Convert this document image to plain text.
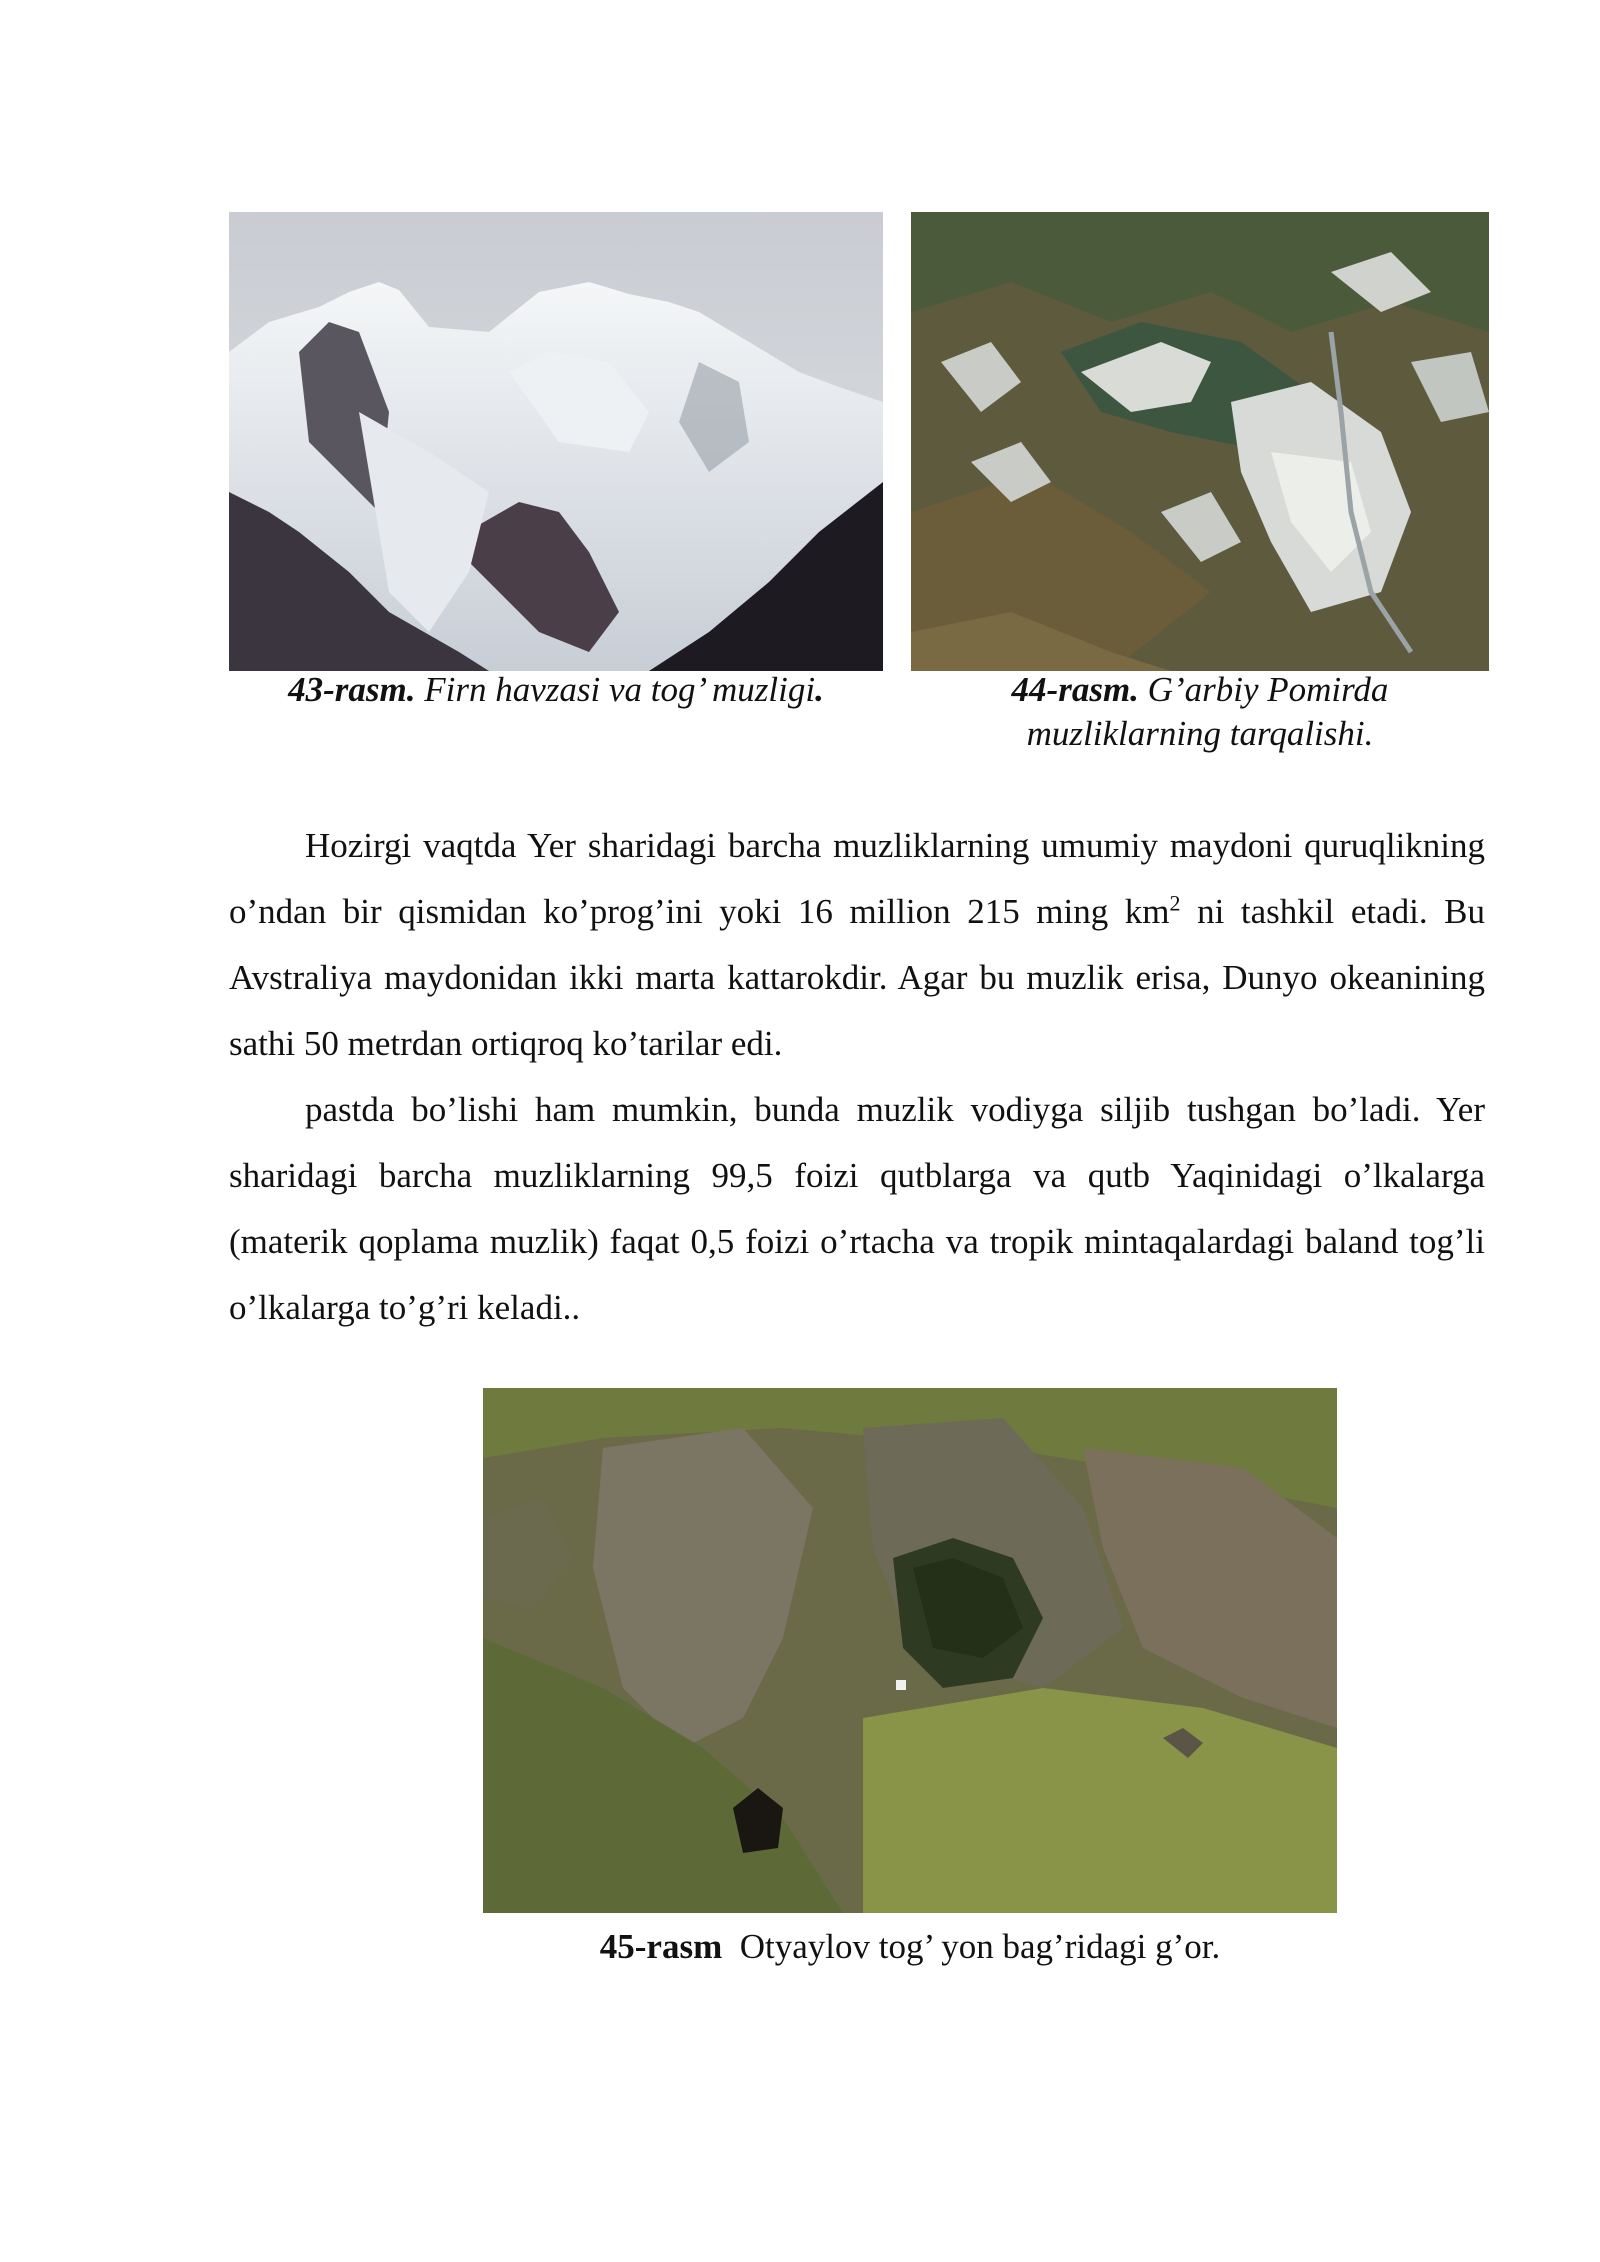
43-rasm. Firn havzasi va tog’ muzligi.	44-rasm. G’arbiy Pomirda
muzliklarning tarqalishi.

Hozirgi vaqtda Yer sharidagi barcha muzliklarning umumiy maydoni quruqlikning o’ndan bir qismidan ko’prog’ini yoki 16 million 215 ming $km^2$ ni tashkil etadi. Bu Avstraliya maydonidan ikki marta kattarokdir. Agar bu muzlik erisa, Dunyo okeanining sathi 50 metrdan ortiqroq ko’tarilar edi.

pastda bo’lishi ham mumkin, bunda muzlik vodiyga siljib tushgan bo’ladi. Yer sharidagi barcha muzliklarning 99,5 foizi qutblarga va qutb Yaqinidagi o’lkalarga (materik qoplama muzlik) faqat 0,5 foizi o’rtacha va tropik mintaqalardagi baland tog’li o’lkalarga to’g’ri keladi..

45-rasm Otyaylov tog’ yon bag’ridagi g’or.
